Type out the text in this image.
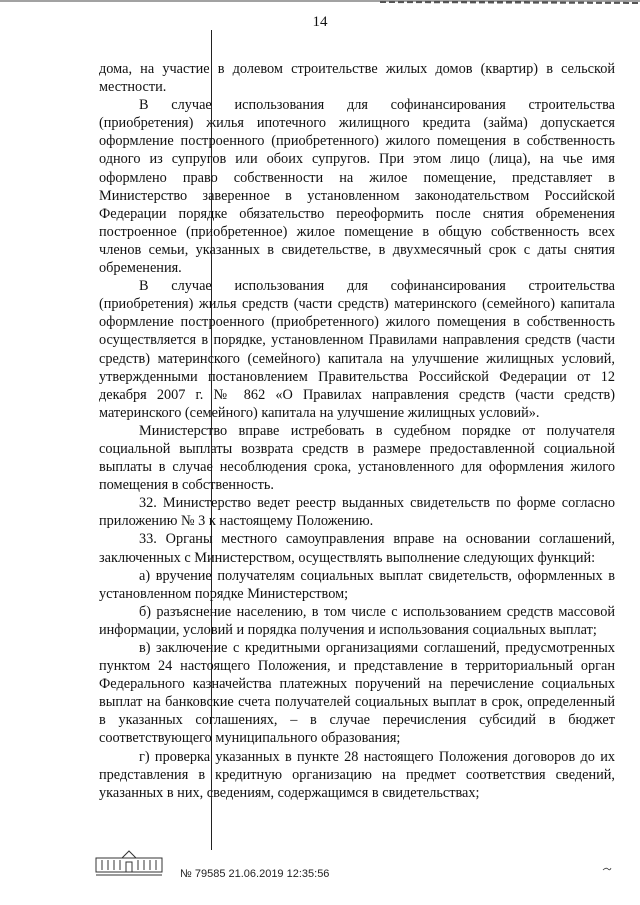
14

дома, на участие в долевом строительстве жилых домов (квартир) в сельской местности.

В случае использования для софинансирования строительства (приобретения) жилья ипотечного жилищного кредита (займа) допускается оформление построенного (приобретенного) жилого помещения в собственность одного из супругов или обоих супругов. При этом лицо (лица), на чье имя оформлено право собственности на жилое помещение, представляет в Министерство заверенное в установленном законодательством Российской Федерации порядке обязательство переоформить после снятия обременения построенное (приобретенное) жилое помещение в общую собственность всех членов семьи, указанных в свидетельстве, в двухмесячный срок с даты снятия обременения.

В случае использования для софинансирования строительства (приобретения) жилья средств (части средств) материнского (семейного) капитала оформление построенного (приобретенного) жилого помещения в собственность осуществляется в порядке, установленном Правилами направления средств (части средств) материнского (семейного) капитала на улучшение жилищных условий, утвержденными постановлением Правительства Российской Федерации от 12 декабря 2007 г. № 862 «О Правилах направления средств (части средств) материнского (семейного) капитала на улучшение жилищных условий».

Министерство вправе истребовать в судебном порядке от получателя социальной выплаты возврата средств в размере предоставленной социальной выплаты в случае несоблюдения срока, установленного для оформления жилого помещения в собственность.

32. Министерство ведет реестр выданных свидетельств по форме согласно приложению № 3 к настоящему Положению.

33. Органы местного самоуправления вправе на основании соглашений, заключенных с Министерством, осуществлять выполнение следующих функций:

а) вручение получателям социальных выплат свидетельств, оформленных в установленном порядке Министерством;

б) разъяснение населению, в том числе с использованием средств массовой информации, условий и порядка получения и использования социальных выплат;

в) заключение с кредитными организациями соглашений, предусмотренных пунктом 24 настоящего Положения, и представление в территориальный орган Федерального казначейства платежных поручений на перечисление социальных выплат на банковские счета получателей социальных выплат в срок, определенный в указанных соглашениях, – в случае перечисления субсидий в бюджет соответствующего муниципального образования;

г) проверка указанных в пункте 28 настоящего Положения договоров до их представления в кредитную организацию на предмет соответствия сведений, указанных в них, сведениям, содержащимся в свидетельствах;

№ 79585 21.06.2019 12:35:56
